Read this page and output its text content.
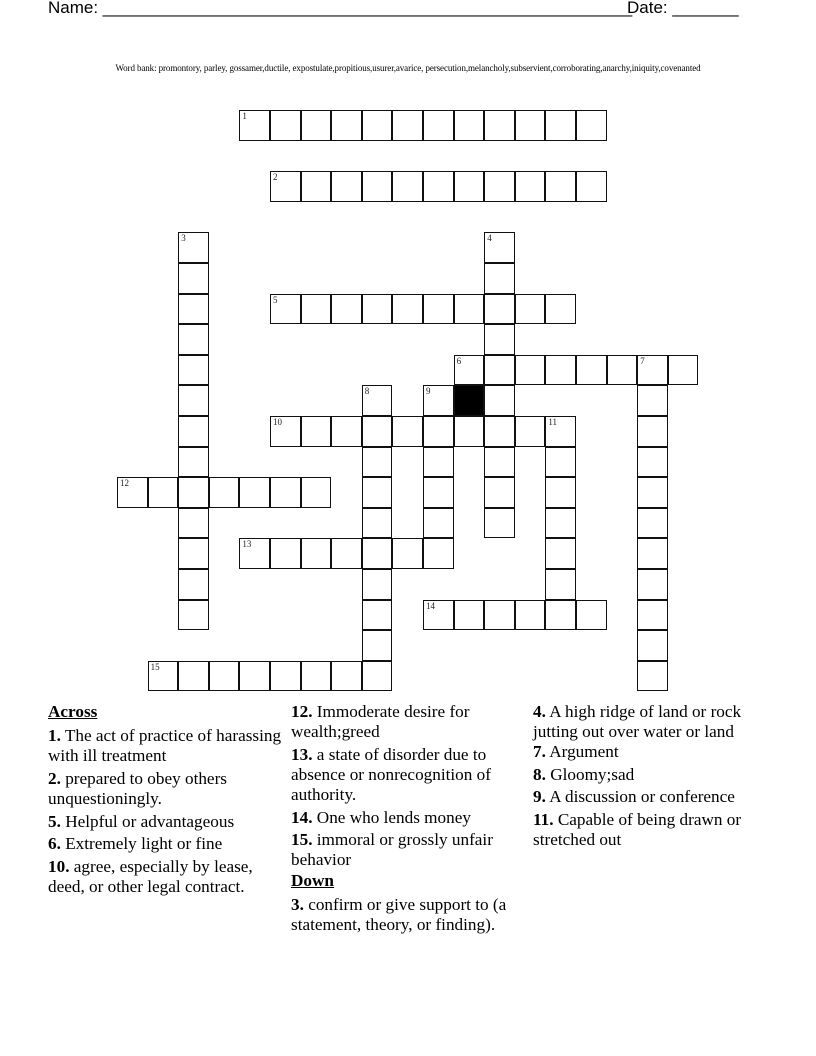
Name: ________________________________________________________

Date: _______

Word bank: promontory, parley, gossamer,ductile, expostulate,propitious,usurer,avarice, persecution,melancholy,subservient,corroborating,anarchy,iniquity,covenanted
1
2
3	4
5
6	7
8	9
10	11
12
13
14
15
Across
1. The act of practice of harassing with ill treatment
2. prepared to obey others unquestioningly.
5. Helpful or advantageous
6. Extremely light or fine
10. agree, especially by lease, deed, or other legal contract.
12. Immoderate desire for wealth;greed
13. a state of disorder due to absence or nonrecognition of authority.
14. One who lends money
15. immoral or grossly unfair behavior
Down
3. confirm or give support to (a statement, theory, or finding).
4. A high ridge of land or rock jutting out over water or land
7. Argument
8. Gloomy;sad
9. A discussion or conference
11. Capable of being drawn or stretched out
